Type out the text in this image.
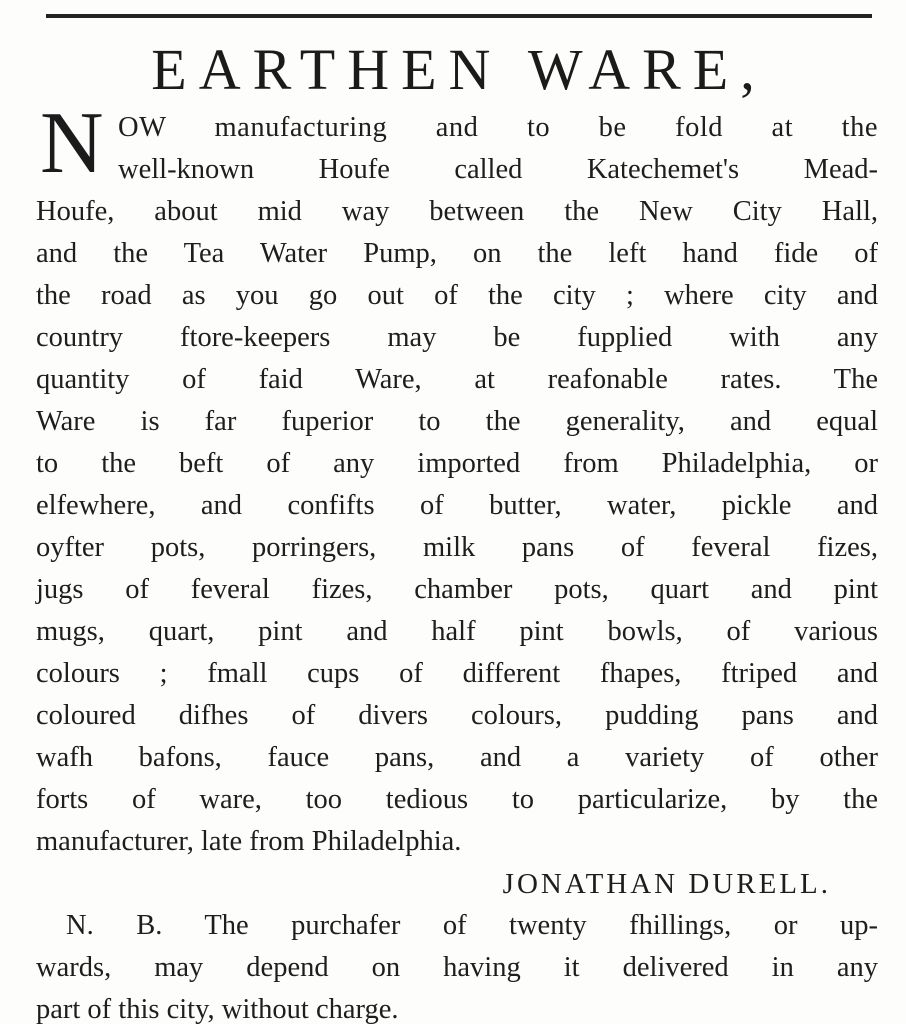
EARTHEN WARE,
N OW manufacturing and to be fold at the
well-known Houfe called Katechemet's Mead-
Houfe, about mid way between the New City Hall,
and the Tea Water Pump, on the left hand fide of
the road as you go out of the city ; where city and
country ftore-keepers may be fupplied with any
quantity of faid Ware, at reafonable rates. The
Ware is far fuperior to the generality, and equal
to the beft of any imported from Philadelphia, or
elfewhere, and confifts of butter, water, pickle and
oyfter pots, porringers, milk pans of feveral fizes,
jugs of feveral fizes, chamber pots, quart and pint
mugs, quart, pint and half pint bowls, of various
colours ; fmall cups of different fhapes, ftriped and
coloured difhes of divers colours, pudding pans and
wafh bafons, fauce pans, and a variety of other
forts of ware, too tedious to particularize, by the
manufacturer, late from Philadelphia.
JONATHAN DURELL.
N. B. The purchafer of twenty fhillings, or up-
wards, may depend on having it delivered in any
part of this city, without charge.
